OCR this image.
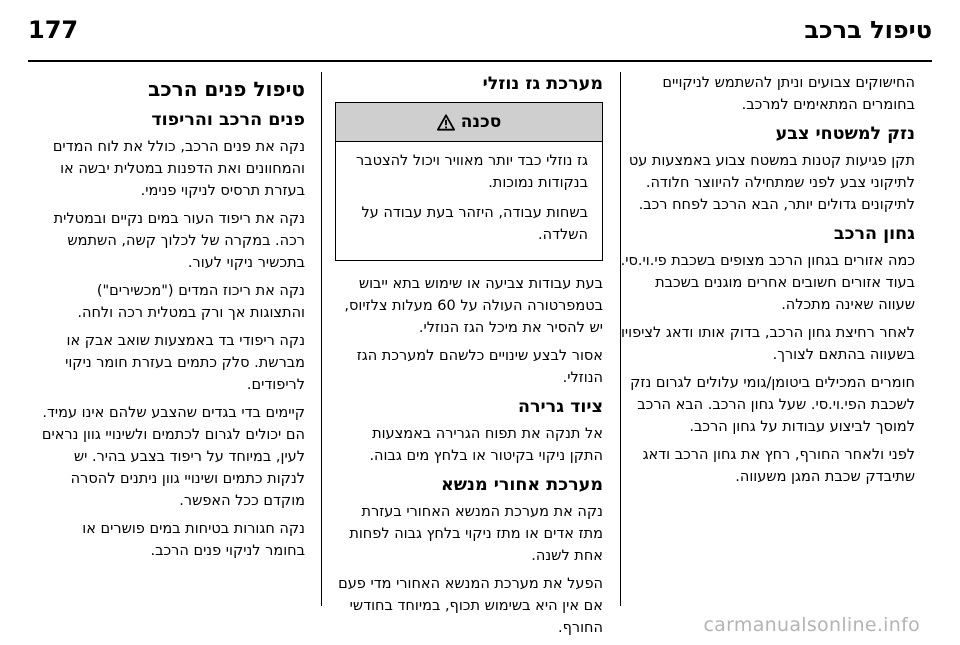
177	טיפול ברכב

החישוקים צבועים וניתן להשתמש לניקויים בחומרים המתאימים למרכב.

נזק למשטחי צבע

תקן פגיעות קטנות במשטח צבוע באמצעות עט לתיקוני צבע לפני שמתחילה להיווצר חלודה. לתיקונים גדולים יותר, הבא הרכב לפחח רכב.

גחון הרכב

כמה אזורים בגחון הרכב מצופים בשכבת פי.וי.סי. בעוד אזורים חשובים אחרים מוגנים בשכבת שעווה שאינה מתכלה.

לאחר רחיצת גחון הרכב, בדוק אותו ודאג לציפויו בשעווה בהתאם לצורך.

חומרים המכילים ביטומן/גומי עלולים לגרום נזק לשכבת הפי.וי.סי. שעל גחון הרכב. הבא הרכב למוסך לביצוע עבודות על גחון הרכב.

לפני ולאחר החורף, רחץ את גחון הרכב ודאג שתיבדק שכבת המגן משעווה.

מערכת גז נוזלי
סכנה

גז נוזלי כבד יותר מאוויר ויכול להצטבר בנקודות נמוכות.

בשחות עבודה, היזהר בעת עבודה על השלדה.

בעת עבודות צביעה או שימוש בתא ייבוש בטמפרטורה העולה על 60 מעלות צלזיוס, יש להסיר את מיכל הגז הנוזלי.

אסור לבצע שינויים כלשהם למערכת הגז הנוזלי.

ציוד גרירה

אל תנקה את תפוח הגרירה באמצעות התקן ניקוי בקיטור או בלחץ מים גבוה.

מערכת אחורי מנשא

נקה את מערכת המנשא האחורי בעזרת מתז אדים או מתז ניקוי בלחץ גבוה לפחות אחת לשנה.

הפעל את מערכת המנשא האחורי מדי פעם אם אין היא בשימוש תכוף, במיוחד בחודשי החורף.

טיפול פנים הרכב
פנים הרכב והריפוד

נקה את פנים הרכב, כולל את לוח המדים והמחוונים ואת הדפנות במטלית יבשה או בעזרת תרסיס לניקוי פנימי.

נקה את ריפוד העור במים נקיים ובמטלית רכה. במקרה של לכלוך קשה, השתמש בתכשיר ניקוי לעור.

נקה את ריכוז המדים ("מכשירים") והתצוגות אך ורק במטלית רכה ולחה.

נקה ריפודי בד באמצעות שואב אבק או מברשת. סלק כתמים בעזרת חומר ניקוי לריפודים.

קיימים בדי בגדים שהצבע שלהם אינו עמיד. הם יכולים לגרום לכתמים ולשינויי גוון נראים לעין, במיוחד על ריפוד בצבע בהיר. יש לנקות כתמים ושינויי גוון ניתנים להסרה מוקדם ככל האפשר.

נקה חגורות בטיחות במים פושרים או בחומר לניקוי פנים הרכב.

carmanualsonline.info
